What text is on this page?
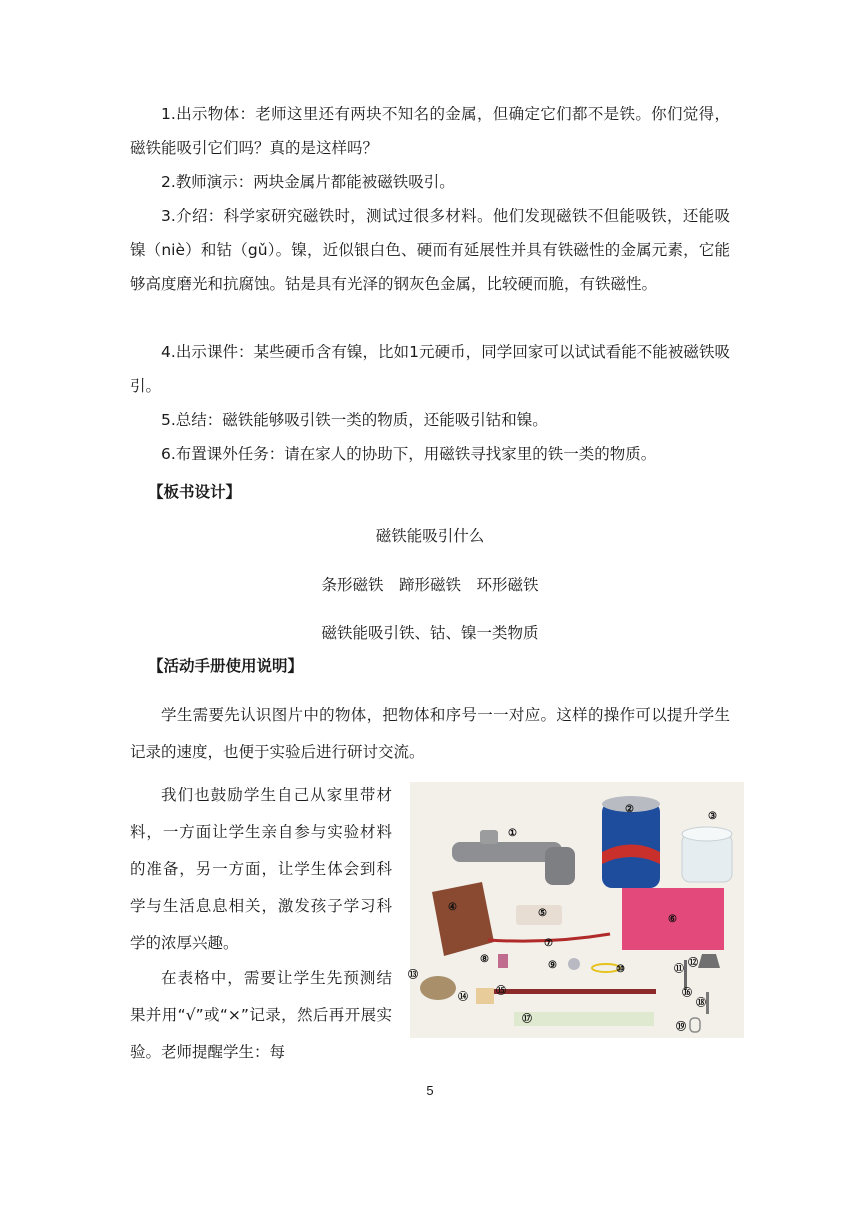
1.出示物体：老师这里还有两块不知名的金属，但确定它们都不是铁。你们觉得，磁铁能吸引它们吗？真的是这样吗？

2.教师演示：两块金属片都能被磁铁吸引。

3.介绍：科学家研究磁铁时，测试过很多材料。他们发现磁铁不但能吸铁，还能吸镍（niè）和钴（gǔ）。镍，近似银白色、硬而有延展性并具有铁磁性的金属元素，它能够高度磨光和抗腐蚀。钴是具有光泽的钢灰色金属，比较硬而脆，有铁磁性。

4.出示课件：某些硬币含有镍，比如1元硬币，同学回家可以试试看能不能被磁铁吸引。

5.总结：磁铁能够吸引铁一类的物质，还能吸引钴和镍。

6.布置课外任务：请在家人的协助下，用磁铁寻找家里的铁一类的物质。

【板书设计】

磁铁能吸引什么

条形磁铁　蹄形磁铁　环形磁铁

磁铁能吸引铁、钴、镍一类物质

【活动手册使用说明】

学生需要先认识图片中的物体，把物体和序号一一对应。这样的操作可以提升学生记录的速度，也便于实验后进行研讨交流。

我们也鼓励学生自己从家里带材料，一方面让学生亲自参与实验材料的准备，另一方面，让学生体会到科学与生活息息相关，激发孩子学习科学的浓厚兴趣。

在表格中，需要让学生先预测结果并用“√”或“×”记录，然后再开展实验。老师提醒学生：每

①
②
③
④
⑤
⑥
⑦
⑧
⑨	⑩	⑪
⑫
⑬
⑭
⑮	⑯
⑰
⑱
⑲
5
